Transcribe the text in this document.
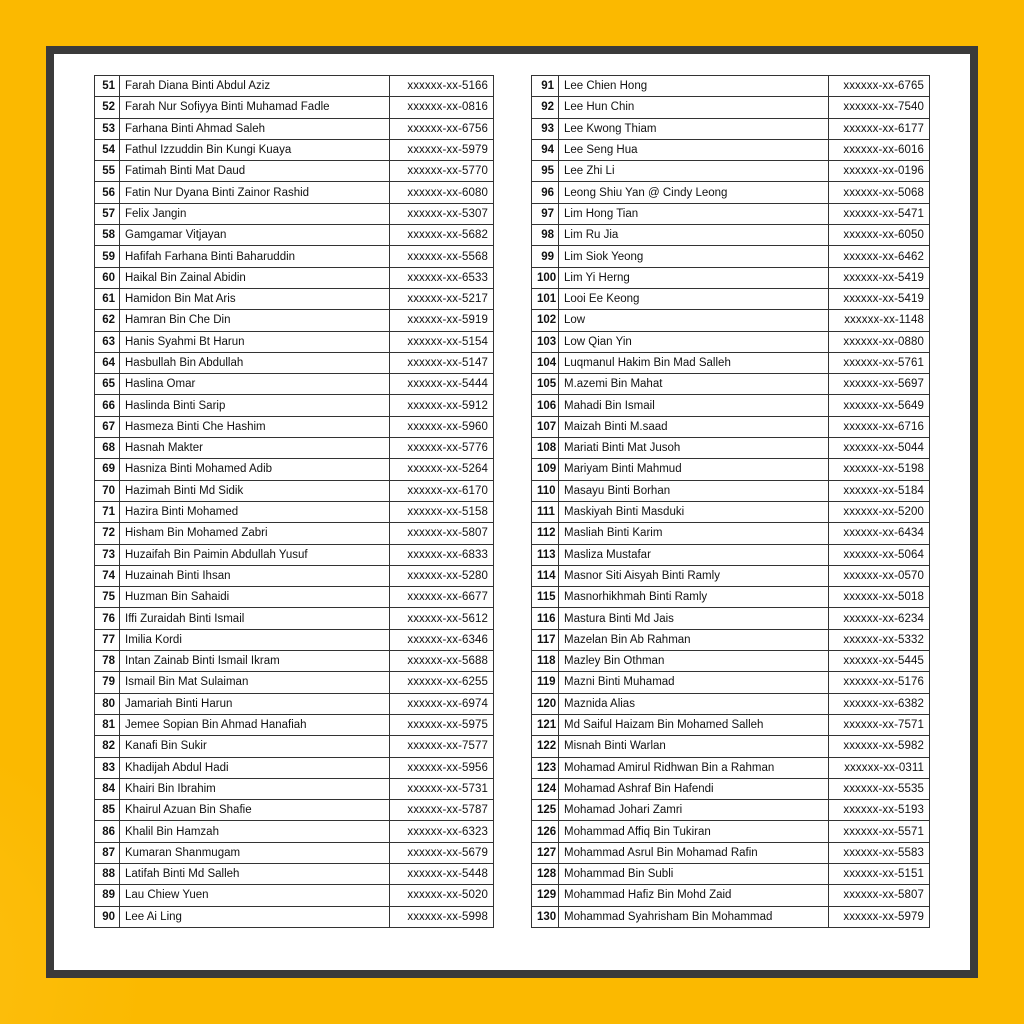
51	Farah Diana Binti Abdul Aziz	xxxxxx-xx-5166
52	Farah Nur Sofiyya Binti Muhamad Fadle	xxxxxx-xx-0816
53	Farhana Binti Ahmad Saleh	xxxxxx-xx-6756
54	Fathul Izzuddin Bin Kungi Kuaya	xxxxxx-xx-5979
55	Fatimah Binti Mat Daud	xxxxxx-xx-5770
56	Fatin Nur Dyana Binti Zainor Rashid	xxxxxx-xx-6080
57	Felix Jangin	xxxxxx-xx-5307
58	Gamgamar Vitjayan	xxxxxx-xx-5682
59	Hafifah Farhana Binti Baharuddin	xxxxxx-xx-5568
60	Haikal Bin Zainal Abidin	xxxxxx-xx-6533
61	Hamidon Bin Mat Aris	xxxxxx-xx-5217
62	Hamran Bin Che Din	xxxxxx-xx-5919
63	Hanis Syahmi Bt Harun	xxxxxx-xx-5154
64	Hasbullah Bin Abdullah	xxxxxx-xx-5147
65	Haslina Omar	xxxxxx-xx-5444
66	Haslinda Binti Sarip	xxxxxx-xx-5912
67	Hasmeza Binti Che Hashim	xxxxxx-xx-5960
68	Hasnah Makter	xxxxxx-xx-5776
69	Hasniza Binti Mohamed Adib	xxxxxx-xx-5264
70	Hazimah Binti Md Sidik	xxxxxx-xx-6170
71	Hazira Binti Mohamed	xxxxxx-xx-5158
72	Hisham Bin Mohamed Zabri	xxxxxx-xx-5807
73	Huzaifah Bin Paimin Abdullah Yusuf	xxxxxx-xx-6833
74	Huzainah Binti Ihsan	xxxxxx-xx-5280
75	Huzman Bin Sahaidi	xxxxxx-xx-6677
76	Iffi Zuraidah Binti Ismail	xxxxxx-xx-5612
77	Imilia Kordi	xxxxxx-xx-6346
78	Intan Zainab Binti Ismail Ikram	xxxxxx-xx-5688
79	Ismail Bin Mat Sulaiman	xxxxxx-xx-6255
80	Jamariah Binti Harun	xxxxxx-xx-6974
81	Jemee Sopian Bin Ahmad Hanafiah	xxxxxx-xx-5975
82	Kanafi Bin Sukir	xxxxxx-xx-7577
83	Khadijah Abdul Hadi	xxxxxx-xx-5956
84	Khairi Bin Ibrahim	xxxxxx-xx-5731
85	Khairul Azuan Bin Shafie	xxxxxx-xx-5787
86	Khalil Bin Hamzah	xxxxxx-xx-6323
87	Kumaran Shanmugam	xxxxxx-xx-5679
88	Latifah Binti Md Salleh	xxxxxx-xx-5448
89	Lau Chiew Yuen	xxxxxx-xx-5020
90	Lee Ai Ling	xxxxxx-xx-5998
91	Lee Chien Hong	xxxxxx-xx-6765
92	Lee Hun Chin	xxxxxx-xx-7540
93	Lee Kwong Thiam	xxxxxx-xx-6177
94	Lee Seng Hua	xxxxxx-xx-6016
95	Lee Zhi Li	xxxxxx-xx-0196
96	Leong Shiu Yan @ Cindy Leong	xxxxxx-xx-5068
97	Lim Hong Tian	xxxxxx-xx-5471
98	Lim Ru Jia	xxxxxx-xx-6050
99	Lim Siok Yeong	xxxxxx-xx-6462
100	Lim Yi Herng	xxxxxx-xx-5419
101	Looi Ee Keong	xxxxxx-xx-5419
102	Low	xxxxxx-xx-1148
103	Low Qian Yin	xxxxxx-xx-0880
104	Luqmanul Hakim Bin Mad Salleh	xxxxxx-xx-5761
105	M.azemi Bin Mahat	xxxxxx-xx-5697
106	Mahadi Bin Ismail	xxxxxx-xx-5649
107	Maizah Binti M.saad	xxxxxx-xx-6716
108	Mariati Binti Mat Jusoh	xxxxxx-xx-5044
109	Mariyam Binti Mahmud	xxxxxx-xx-5198
110	Masayu Binti Borhan	xxxxxx-xx-5184
111	Maskiyah Binti Masduki	xxxxxx-xx-5200
112	Masliah Binti Karim	xxxxxx-xx-6434
113	Masliza Mustafar	xxxxxx-xx-5064
114	Masnor Siti Aisyah Binti Ramly	xxxxxx-xx-0570
115	Masnorhikhmah Binti Ramly	xxxxxx-xx-5018
116	Mastura Binti Md Jais	xxxxxx-xx-6234
117	Mazelan Bin Ab Rahman	xxxxxx-xx-5332
118	Mazley Bin Othman	xxxxxx-xx-5445
119	Mazni Binti Muhamad	xxxxxx-xx-5176
120	Maznida Alias	xxxxxx-xx-6382
121	Md Saiful Haizam Bin Mohamed Salleh	xxxxxx-xx-7571
122	Misnah Binti Warlan	xxxxxx-xx-5982
123	Mohamad Amirul Ridhwan Bin a Rahman	xxxxxx-xx-0311
124	Mohamad Ashraf Bin Hafendi	xxxxxx-xx-5535
125	Mohamad Johari Zamri	xxxxxx-xx-5193
126	Mohammad Affiq Bin Tukiran	xxxxxx-xx-5571
127	Mohammad Asrul Bin Mohamad Rafin	xxxxxx-xx-5583
128	Mohammad Bin Subli	xxxxxx-xx-5151
129	Mohammad Hafiz Bin Mohd Zaid	xxxxxx-xx-5807
130	Mohammad Syahrisham Bin Mohammad	xxxxxx-xx-5979
